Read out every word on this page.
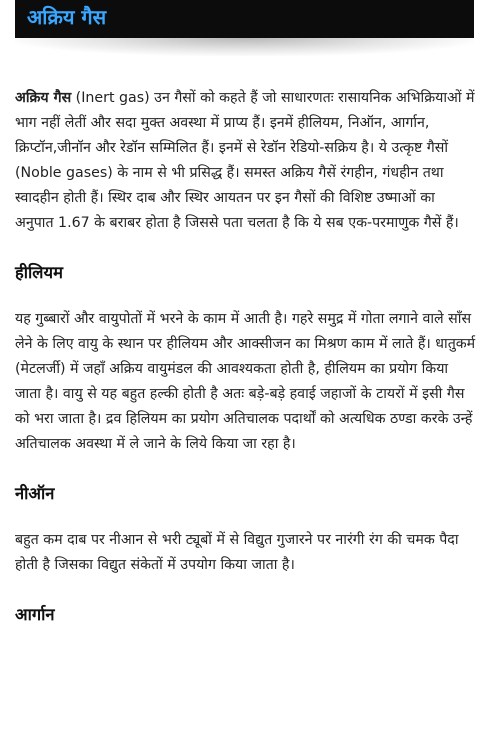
अक्रिय गैस

अक्रिय गैस (Inert gas) उन गैसों को कहते हैं जो साधारणतः रासायनिक अभिक्रियाओं में भाग नहीं लेतीं और सदा मुक्त अवस्था में प्राप्य हैं। इनमें हीलियम, निऑन, आर्गान, क्रिप्टॉन,जीनॉन और रेडॉन सम्मिलित हैं। इनमें से रेडॉन रेडियो-सक्रिय है। ये उत्कृष्ट गैसों (Noble gases) के नाम से भी प्रसिद्ध हैं। समस्त अक्रिय गैसें रंगहीन, गंधहीन तथा स्वादहीन होती हैं। स्थिर दाब और स्थिर आयतन पर इन गैसों की विशिष्ट उष्माओं का अनुपात 1.67 के बराबर होता है जिससे पता चलता है कि ये सब एक-परमाणुक गैसें हैं।

हीलियम

यह गुब्बारों और वायुपोतों में भरने के काम में आती है। गहरे समुद्र में गोता लगाने वाले साँस लेने के लिए वायु के स्थान पर हीलियम और आक्सीजन का मिश्रण काम में लाते हैं। धातुकर्म (मेटलर्जी) में जहाँ अक्रिय वायुमंडल की आवश्यकता होती है, हीलियम का प्रयोग किया जाता है। वायु से यह बहुत हल्की होती है अतः बड़े-बड़े हवाई जहाजों के टायरों में इसी गैस को भरा जाता है। द्रव हिलियम का प्रयोग अतिचालक पदार्थों को अत्यधिक ठण्डा करके उन्हें अतिचालक अवस्था में ले जाने के लिये किया जा रहा है।

नीऑन

बहुत कम दाब पर नीआन से भरी ट्यूबों में से विद्युत गुजारने पर नारंगी रंग की चमक पैदा होती है जिसका विद्युत संकेतों में उपयोग किया जाता है।

आर्गान
